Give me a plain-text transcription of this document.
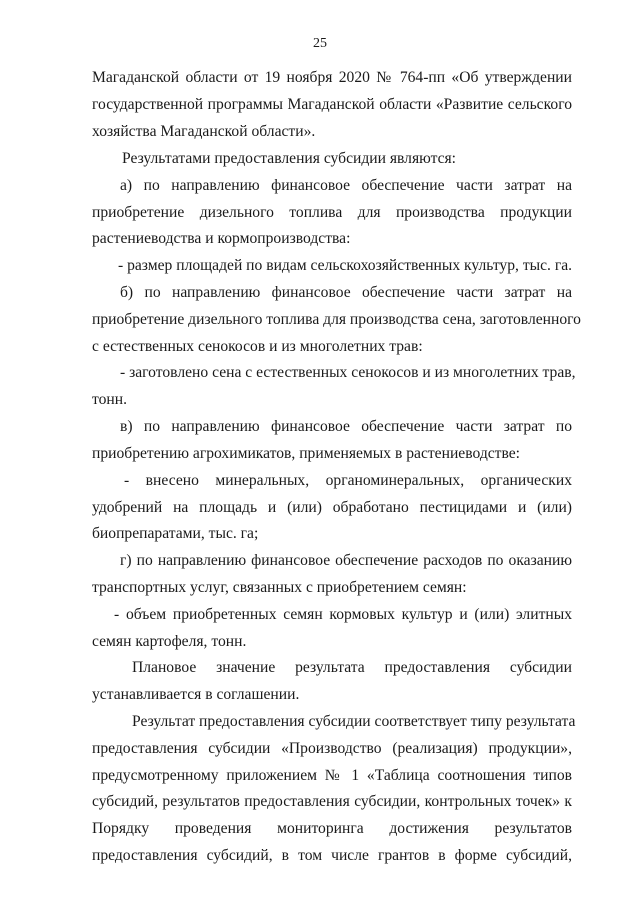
25
Магаданской области от 19 ноября 2020 № 764-пп «Об утверждении
государственной программы Магаданской области «Развитие сельского
хозяйства Магаданской области».
Результатами предоставления субсидии являются:
а) по направлению финансовое обеспечение части затрат на
приобретение дизельного топлива для производства продукции
растениеводства и кормопроизводства:
- размер площадей по видам сельскохозяйственных культур, тыс. га.
б) по направлению финансовое обеспечение части затрат на
приобретение дизельного топлива для производства сена, заготовленного
с естественных сенокосов и из многолетних трав:
- заготовлено сена с естественных сенокосов и из многолетних трав,
тонн.
в) по направлению финансовое обеспечение части затрат по
приобретению агрохимикатов, применяемых в растениеводстве:
- внесено минеральных, органоминеральных, органических
удобрений на площадь и (или) обработано пестицидами и (или)
биопрепаратами, тыс. га;
г) по направлению финансовое обеспечение расходов по оказанию
транспортных услуг, связанных с приобретением семян:
- объем приобретенных семян кормовых культур и (или) элитных
семян картофеля, тонн.
Плановое значение результата предоставления субсидии
устанавливается в соглашении.
Результат предоставления субсидии соответствует типу результата
предоставления субсидии «Производство (реализация) продукции»,
предусмотренному приложением № 1 «Таблица соотношения типов
субсидий, результатов предоставления субсидии, контрольных точек» к
Порядку проведения мониторинга достижения результатов
предоставления субсидий, в том числе грантов в форме субсидий,
